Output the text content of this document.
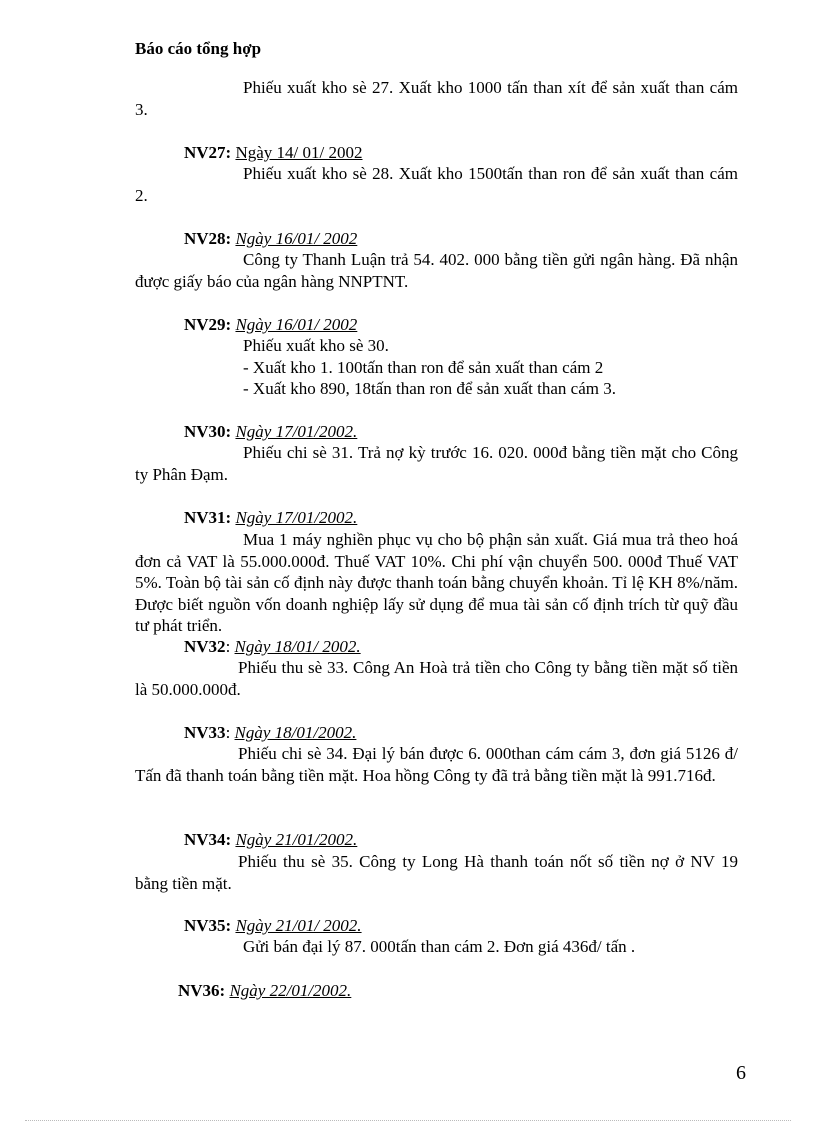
Báo cáo tổng hợp

Phiếu xuất kho sè 27. Xuất kho 1000 tấn than xít để sản xuất than cám 3.

NV27: Ngày 14/ 01/ 2002

Phiếu xuất kho sè 28. Xuất kho 1500tấn than ron để sản xuất than cám 2.

NV28: Ngày 16/01/ 2002

Công ty Thanh Luận trả 54. 402. 000 bằng tiền gửi ngân hàng. Đã nhận được giấy báo của ngân hàng NNPTNT.

NV29: Ngày 16/01/ 2002

Phiếu xuất kho sè 30.

- Xuất kho 1. 100tấn than ron để sản xuất than cám 2

- Xuất kho 890, 18tấn than ron để sản xuất than cám 3.

NV30: Ngày 17/01/2002.

Phiếu chi sè 31. Trả nợ kỳ trước 16. 020. 000đ bằng tiền mặt cho Công ty Phân Đạm.

NV31: Ngày 17/01/2002.

Mua 1 máy nghiền phục vụ cho bộ phận sản xuất. Giá mua trả theo hoá đơn cả VAT là 55.000.000đ. Thuế VAT 10%. Chi phí vận chuyển 500. 000đ Thuế VAT 5%. Toàn bộ tài sản cố định này được thanh toán bằng chuyển khoản. Tỉ lệ KH 8%/năm. Được biết nguồn vốn doanh nghiệp lấy sử dụng để mua tài sản cố định trích từ quỹ đầu tư phát triển.

NV32: Ngày 18/01/ 2002.

Phiếu thu sè 33. Công An Hoà trả tiền cho Công ty bằng tiền mặt số tiền là 50.000.000đ.

NV33: Ngày 18/01/2002.

Phiếu chi sè 34. Đại lý bán được 6. 000than cám cám 3, đơn giá 5126 đ/ Tấn đã thanh toán bằng tiền mặt. Hoa hồng Công ty đã trả bằng tiền mặt là 991.716đ.

NV34: Ngày 21/01/2002.

Phiếu thu sè 35. Công ty Long Hà thanh toán nốt số tiền nợ ở NV 19 bằng tiền mặt.

NV35: Ngày 21/01/ 2002.

Gửi bán đại lý 87. 000tấn than cám 2. Đơn giá 436đ/ tấn .

NV36: Ngày 22/01/2002.
6
